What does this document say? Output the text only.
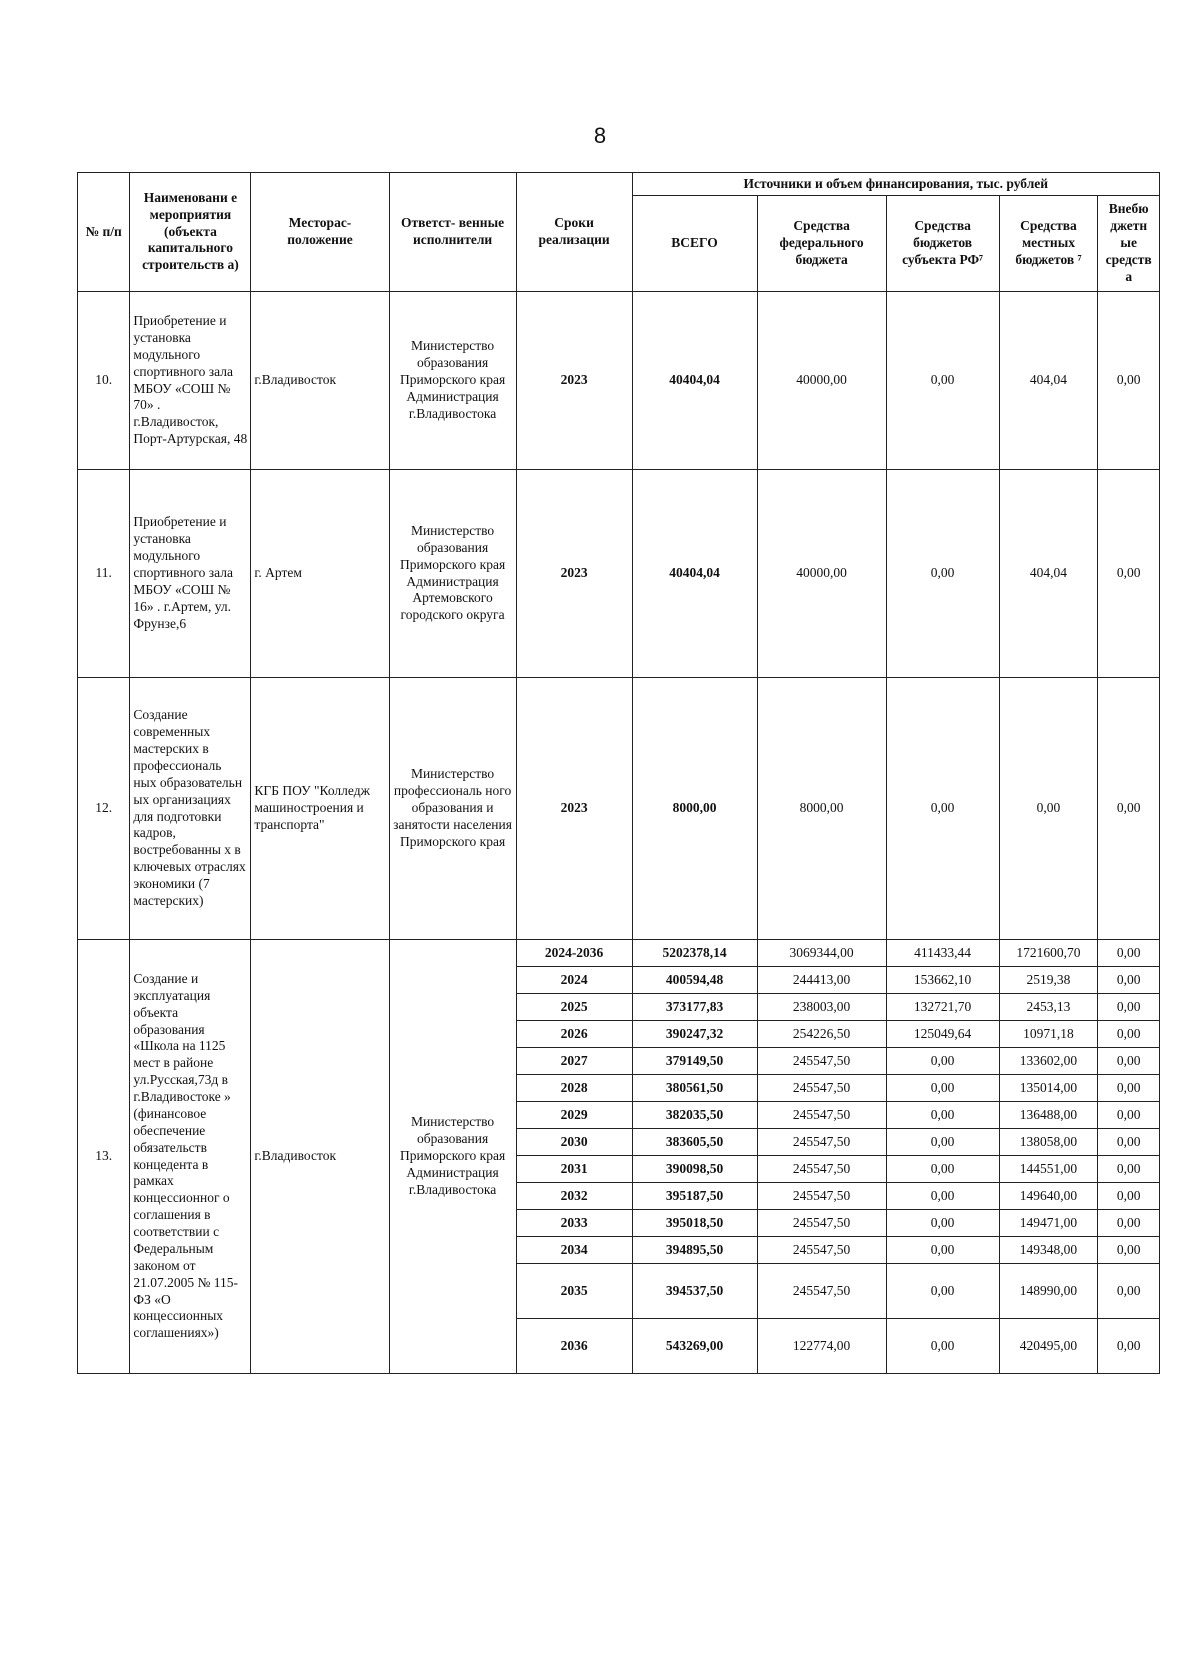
8
№ п/п	Наименовани е мероприятия (объекта капитального строительств а)	Месторас- положение	Ответст- венные исполнители	Сроки реализации	Источники и объем финансирования, тыс. рублей				
					ВСЕГО	Средства федерального бюджета	Средства бюджетов субъекта РФ⁷	Средства местных бюджетов ⁷	Внебю джетн ые средств а
10.	Приобретение и установка модульного спортивного зала МБОУ «СОШ № 70» . г.Владивосток, Порт-Артурская, 48	г.Владивосток	Министерство образования Приморского края Администрация г.Владивостока	2023	40404,04	40000,00	0,00	404,04	0,00
11.	Приобретение и установка модульного спортивного зала МБОУ «СОШ № 16» . г.Артем, ул. Фрунзе,6	г. Артем	Министерство образования Приморского края Администрация Артемовского городского округа	2023	40404,04	40000,00	0,00	404,04	0,00
12.	Создание современных мастерских в профессиональ ных образовательн ых организациях для подготовки кадров, востребованны х в ключевых отраслях экономики (7 мастерских)	КГБ ПОУ "Колледж машиностроения и транспорта"	Министерство профессиональ ного образования и занятости населения Приморского края	2023	8000,00	8000,00	0,00	0,00	0,00
13.	Создание и эксплуатация объекта образования «Школа на 1125 мест в районе ул.Русская,73д в г.Владивостоке » (финансовое обеспечение обязательств концедента в рамках концессионног о соглашения в соответствии с Федеральным законом от 21.07.2005 № 115-ФЗ «О концессионных соглашениях»)	г.Владивосток	Министерство образования Приморского края Администрация г.Владивостока	2024-2036	5202378,14	3069344,00	411433,44	1721600,70	0,00
				2024	400594,48	244413,00	153662,10	2519,38	0,00
				2025	373177,83	238003,00	132721,70	2453,13	0,00
				2026	390247,32	254226,50	125049,64	10971,18	0,00
				2027	379149,50	245547,50	0,00	133602,00	0,00
				2028	380561,50	245547,50	0,00	135014,00	0,00
				2029	382035,50	245547,50	0,00	136488,00	0,00
				2030	383605,50	245547,50	0,00	138058,00	0,00
				2031	390098,50	245547,50	0,00	144551,00	0,00
				2032	395187,50	245547,50	0,00	149640,00	0,00
				2033	395018,50	245547,50	0,00	149471,00	0,00
				2034	394895,50	245547,50	0,00	149348,00	0,00
				2035	394537,50	245547,50	0,00	148990,00	0,00
				2036	543269,00	122774,00	0,00	420495,00	0,00
